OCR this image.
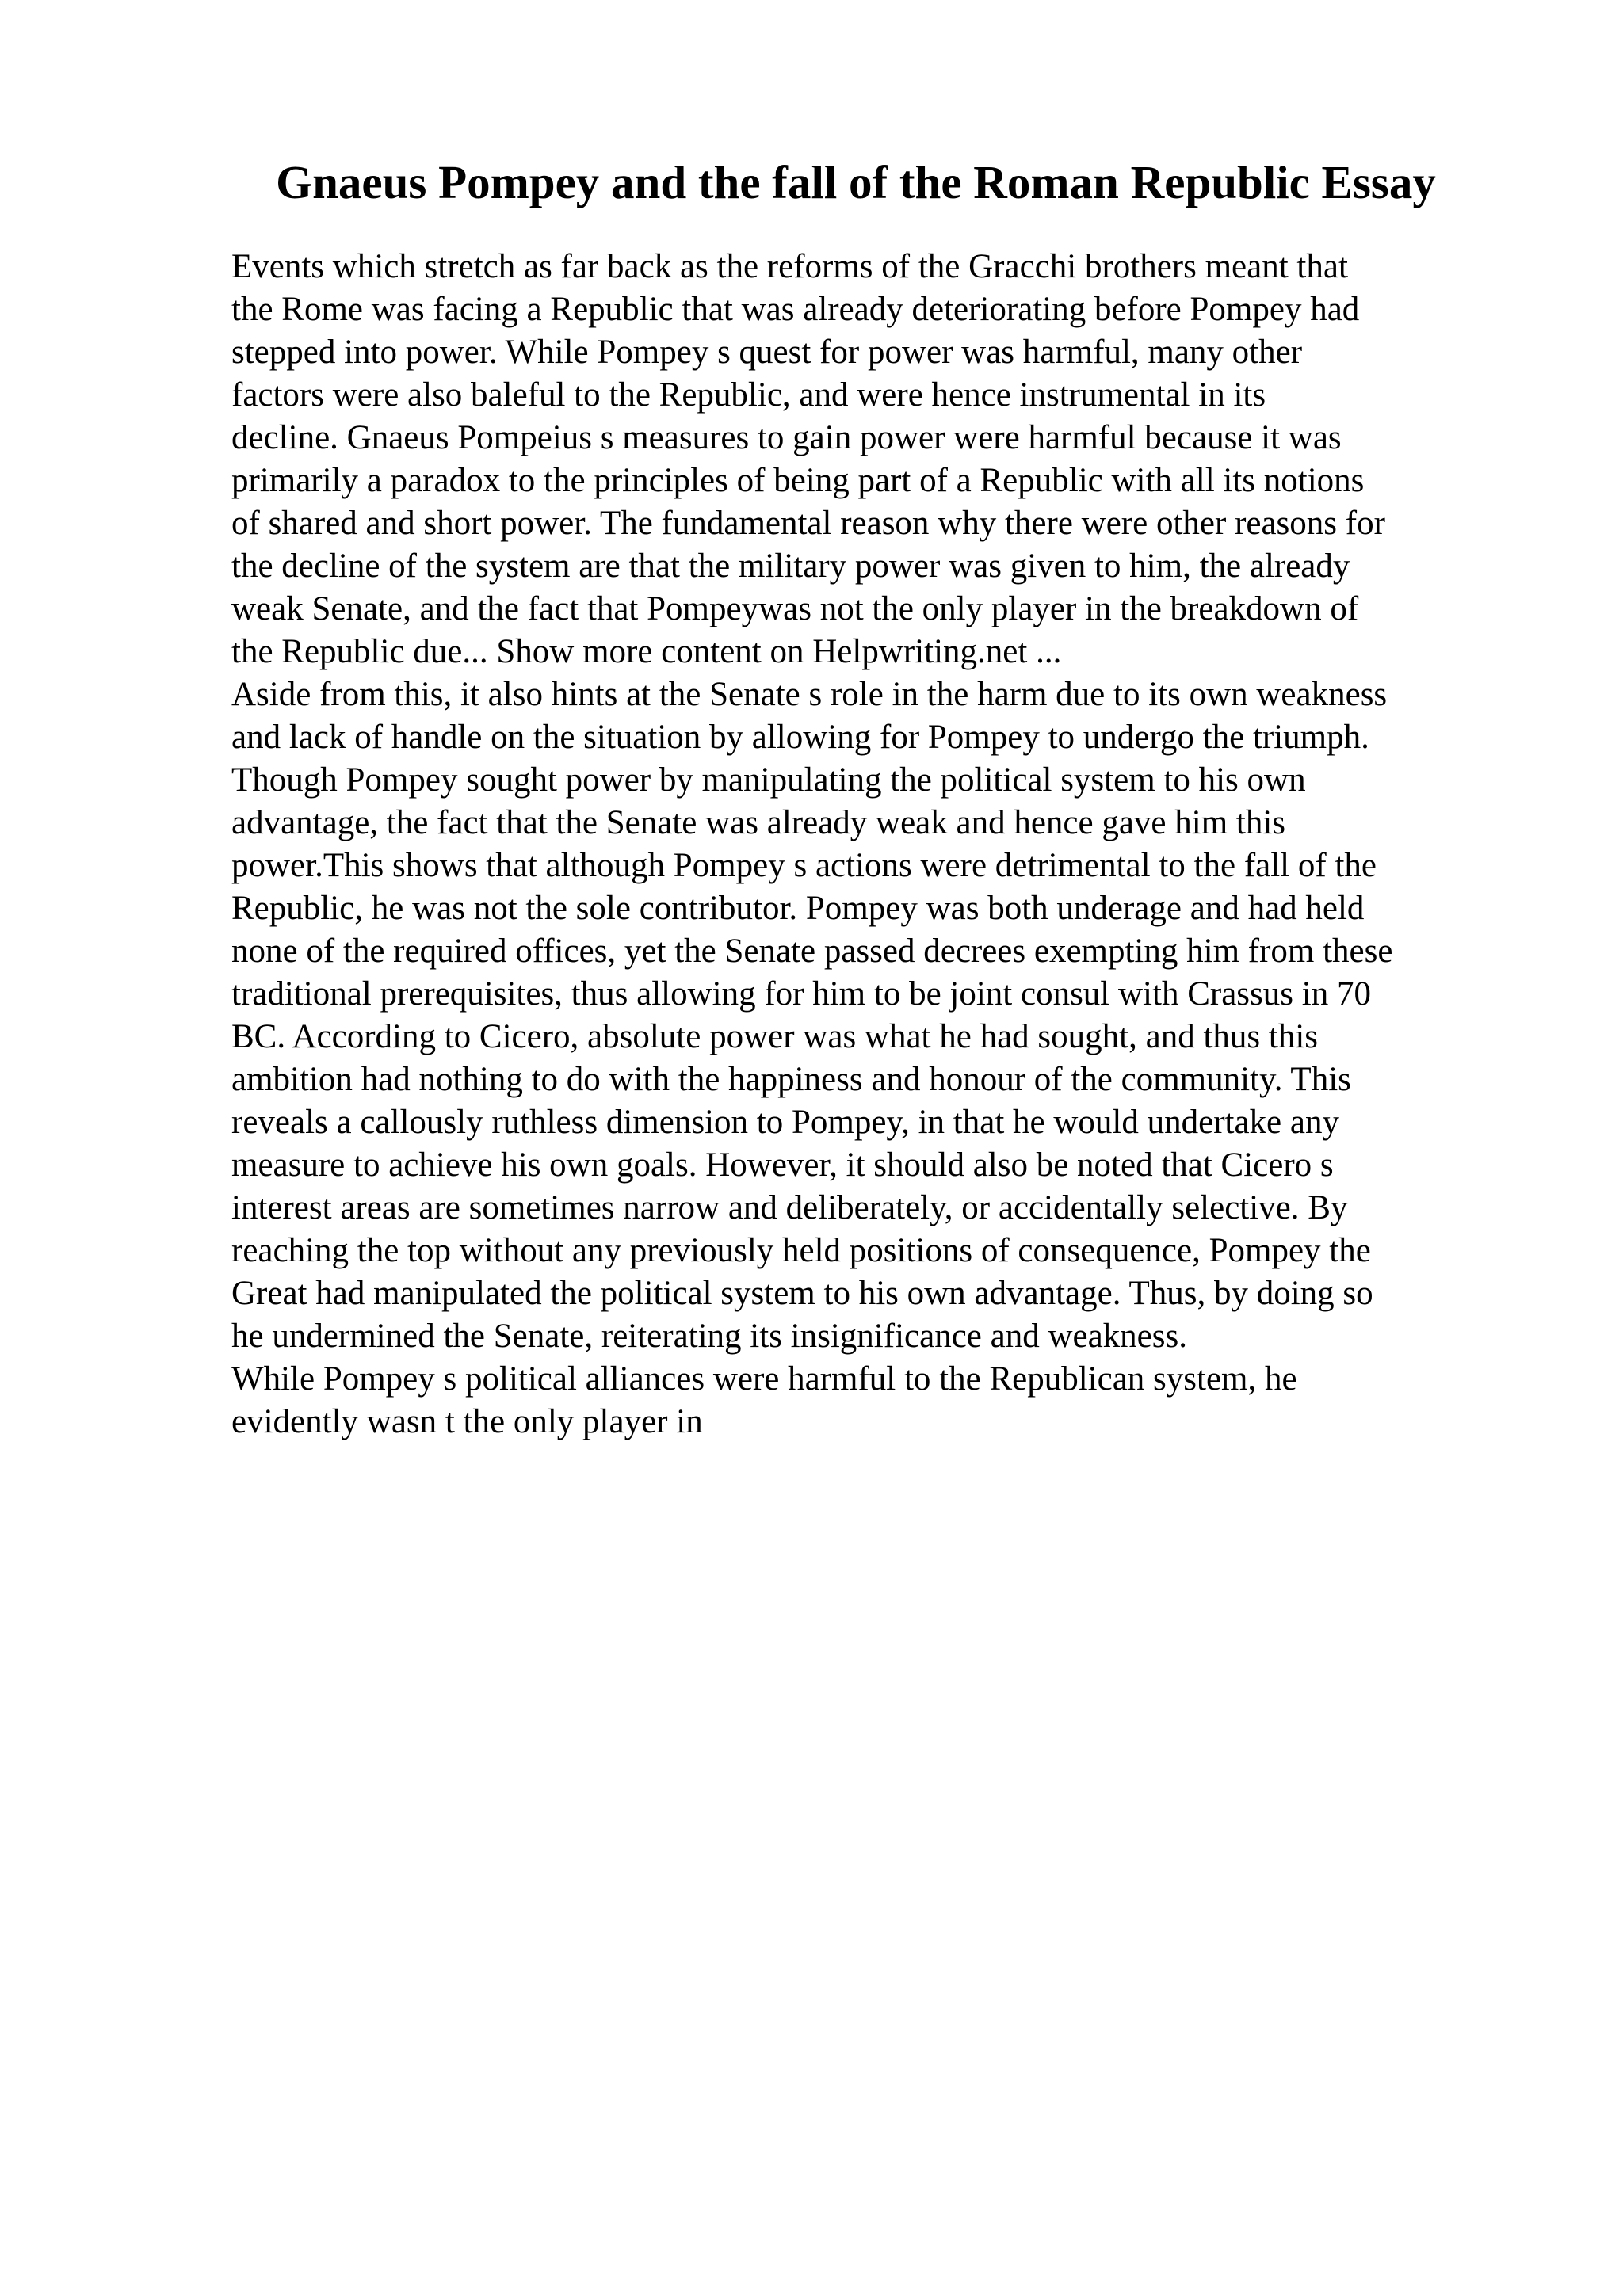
Gnaeus Pompey and the fall of the Roman Republic Essay
Events which stretch as far back as the reforms of the Gracchi brothers meant that
the Rome was facing a Republic that was already deteriorating before Pompey had
stepped into power. While Pompey s quest for power was harmful, many other
factors were also baleful to the Republic, and were hence instrumental in its
decline. Gnaeus Pompeius s measures to gain power were harmful because it was
primarily a paradox to the principles of being part of a Republic with all its notions
of shared and short power. The fundamental reason why there were other reasons for
the decline of the system are that the military power was given to him, the already
weak Senate, and the fact that Pompeywas not the only player in the breakdown of
the Republic due... Show more content on Helpwriting.net ...
Aside from this, it also hints at the Senate s role in the harm due to its own weakness
and lack of handle on the situation by allowing for Pompey to undergo the triumph.
Though Pompey sought power by manipulating the political system to his own
advantage, the fact that the Senate was already weak and hence gave him this
power.This shows that although Pompey s actions were detrimental to the fall of the
Republic, he was not the sole contributor. Pompey was both underage and had held
none of the required offices, yet the Senate passed decrees exempting him from these
traditional prerequisites, thus allowing for him to be joint consul with Crassus in 70
BC. According to Cicero, absolute power was what he had sought, and thus this
ambition had nothing to do with the happiness and honour of the community. This
reveals a callously ruthless dimension to Pompey, in that he would undertake any
measure to achieve his own goals. However, it should also be noted that Cicero s
interest areas are sometimes narrow and deliberately, or accidentally selective. By
reaching the top without any previously held positions of consequence, Pompey the
Great had manipulated the political system to his own advantage. Thus, by doing so
he undermined the Senate, reiterating its insignificance and weakness.
While Pompey s political alliances were harmful to the Republican system, he
evidently wasn t the only player in
